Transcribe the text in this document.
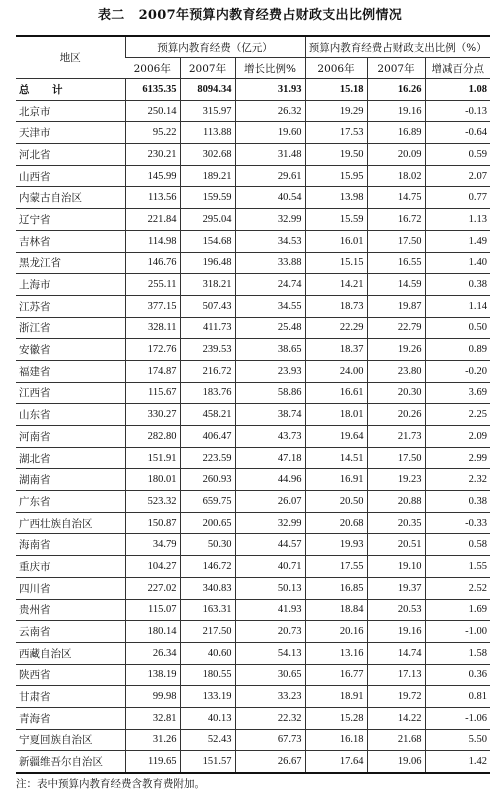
表二 2007年预算内教育经费占财政支出比例情况
地区	预算内教育经费（亿元）			预算内教育经费占财政支出比例（%）		
	2006年	2007年	增长比例%	2006年	2007年	增减百分点
总　计	6135.35	8094.34	31.93	15.18	16.26	1.08
北京市	250.14	315.97	26.32	19.29	19.16	-0.13
天津市	95.22	113.88	19.60	17.53	16.89	-0.64
河北省	230.21	302.68	31.48	19.50	20.09	0.59
山西省	145.99	189.21	29.61	15.95	18.02	2.07
内蒙古自治区	113.56	159.59	40.54	13.98	14.75	0.77
辽宁省	221.84	295.04	32.99	15.59	16.72	1.13
吉林省	114.98	154.68	34.53	16.01	17.50	1.49
黑龙江省	146.76	196.48	33.88	15.15	16.55	1.40
上海市	255.11	318.21	24.74	14.21	14.59	0.38
江苏省	377.15	507.43	34.55	18.73	19.87	1.14
浙江省	328.11	411.73	25.48	22.29	22.79	0.50
安徽省	172.76	239.53	38.65	18.37	19.26	0.89
福建省	174.87	216.72	23.93	24.00	23.80	-0.20
江西省	115.67	183.76	58.86	16.61	20.30	3.69
山东省	330.27	458.21	38.74	18.01	20.26	2.25
河南省	282.80	406.47	43.73	19.64	21.73	2.09
湖北省	151.91	223.59	47.18	14.51	17.50	2.99
湖南省	180.01	260.93	44.96	16.91	19.23	2.32
广东省	523.32	659.75	26.07	20.50	20.88	0.38
广西壮族自治区	150.87	200.65	32.99	20.68	20.35	-0.33
海南省	34.79	50.30	44.57	19.93	20.51	0.58
重庆市	104.27	146.72	40.71	17.55	19.10	1.55
四川省	227.02	340.83	50.13	16.85	19.37	2.52
贵州省	115.07	163.31	41.93	18.84	20.53	1.69
云南省	180.14	217.50	20.73	20.16	19.16	-1.00
西藏自治区	26.34	40.60	54.13	13.16	14.74	1.58
陕西省	138.19	180.55	30.65	16.77	17.13	0.36
甘肃省	99.98	133.19	33.23	18.91	19.72	0.81
青海省	32.81	40.13	22.32	15.28	14.22	-1.06
宁夏回族自治区	31.26	52.43	67.73	16.18	21.68	5.50
新疆维吾尔自治区	119.65	151.57	26.67	17.64	19.06	1.42
注：表中预算内教育经费含教育费附加。
